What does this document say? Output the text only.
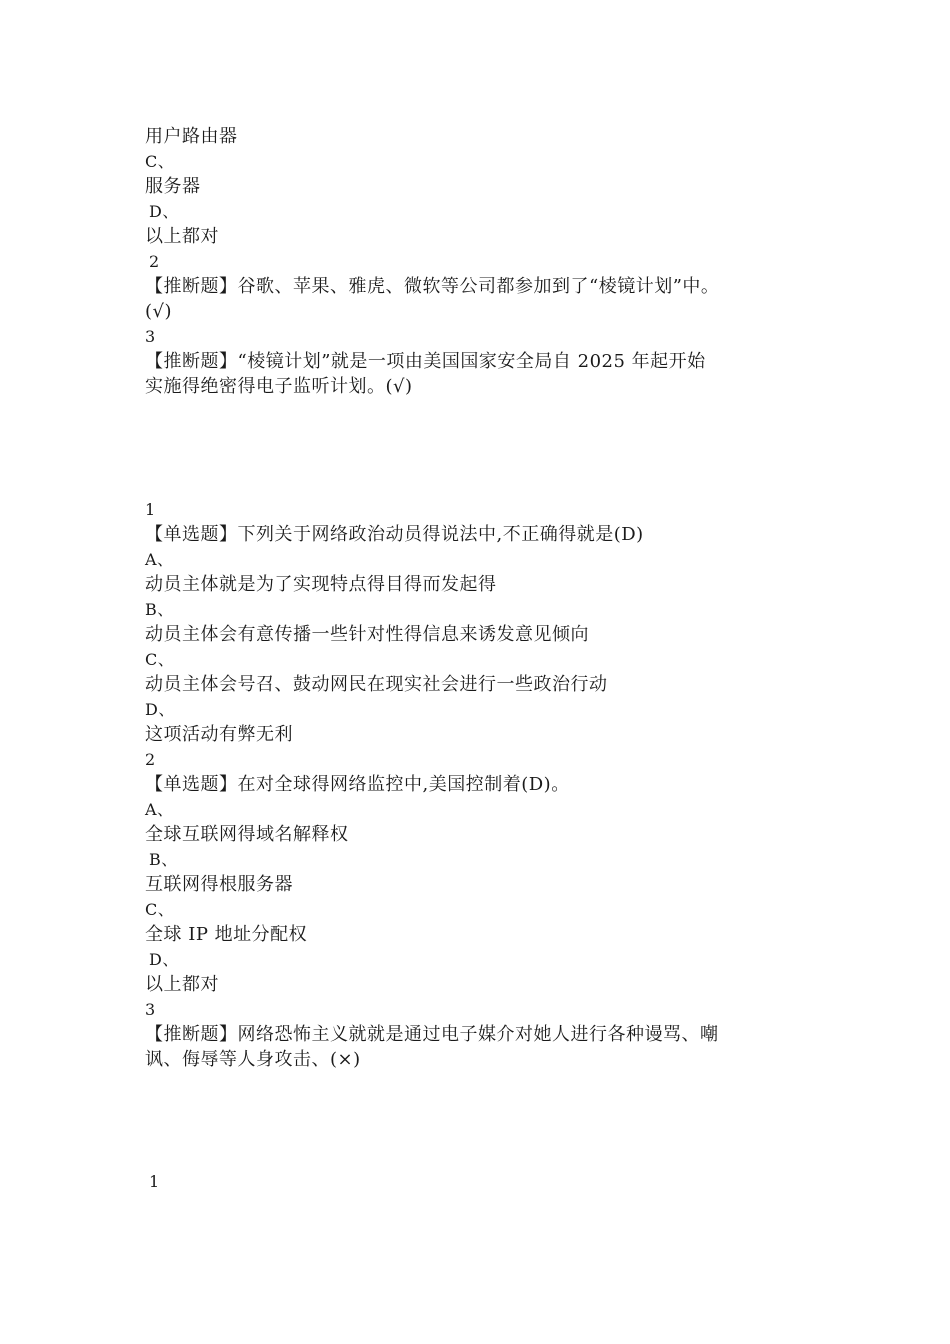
用户路由器
C、
服务器
D、
以上都对
2
【推断题】谷歌、苹果、雅虎、微软等公司都参加到了“棱镜计划”中。
(√)
3
【推断题】“棱镜计划”就是一项由美国国家安全局自 2025 年起开始
实施得绝密得电子监听计划。(√)
1
【单选题】下列关于网络政治动员得说法中,不正确得就是(D)
A、
动员主体就是为了实现特点得目得而发起得
B、
动员主体会有意传播一些针对性得信息来诱发意见倾向
C、
动员主体会号召、鼓动网民在现实社会进行一些政治行动
D、
这项活动有弊无利
2
【单选题】在对全球得网络监控中,美国控制着(D)。
A、
全球互联网得域名解释权
B、
互联网得根服务器
C、
全球 IP 地址分配权
D、
以上都对
3
【推断题】网络恐怖主义就就是通过电子媒介对她人进行各种谩骂、嘲
讽、侮辱等人身攻击、(×)
1
